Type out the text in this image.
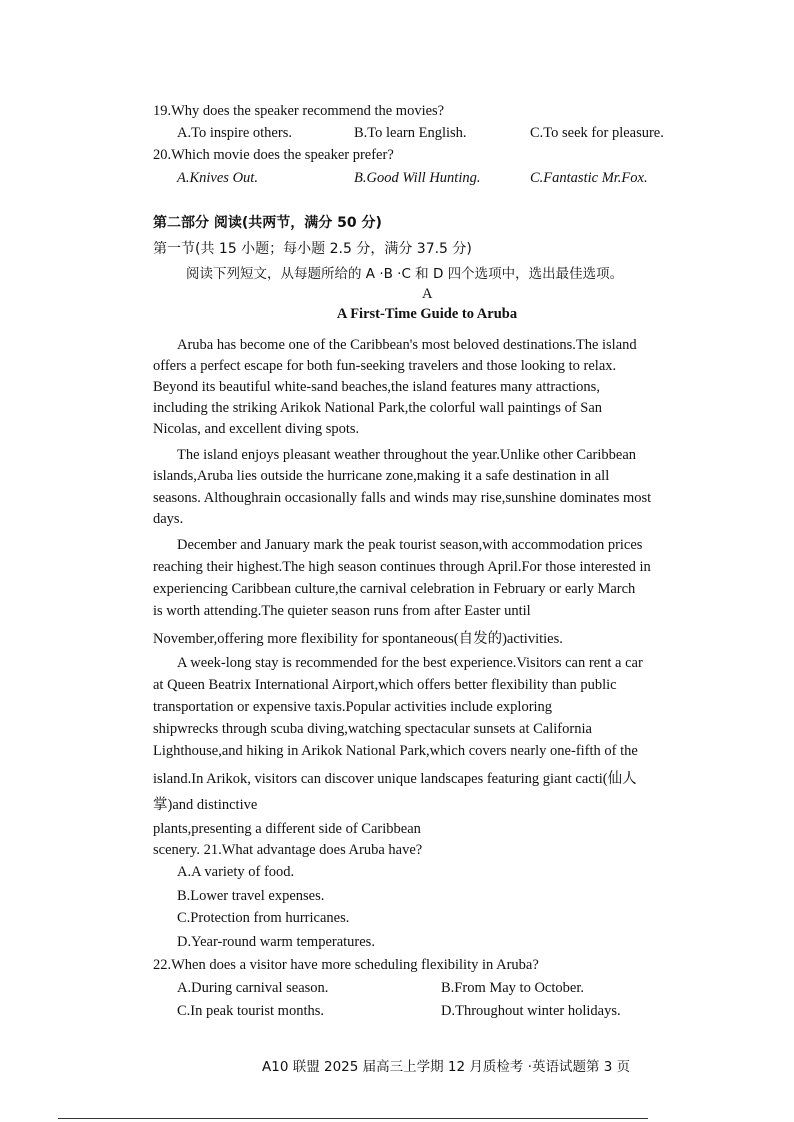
19.Why does the speaker recommend the movies?
A.To inspire others.	B.To learn English.	C.To seek for pleasure.
20.Which movie does the speaker prefer?
A.Knives Out.	B.Good Will Hunting.	C.Fantastic Mr.Fox.
第二部分 阅读(共两节，满分 50 分)
第一节(共 15 小题；每小题 2.5 分，满分 37.5 分)
阅读下列短文，从每题所给的 A ·B ·C 和 D 四个选项中，选出最佳选项。
A
A First-Time Guide to Aruba
Aruba has become one of the Caribbean's most beloved destinations.The island
offers a perfect escape for both fun-seeking travelers and those looking to relax.
Beyond its beautiful white-sand beaches,the island features many attractions,
including the striking Arikok National Park,the colorful wall paintings of San
Nicolas, and excellent diving spots.
The island enjoys pleasant weather throughout the year.Unlike other Caribbean
islands,Aruba lies outside the hurricane zone,making it a safe destination in all
seasons. Althoughrain occasionally falls and winds may rise,sunshine dominates most
days.
December and January mark the peak tourist season,with accommodation prices
reaching their highest.The high season continues through April.For those interested in
experiencing Caribbean culture,the carnival celebration in February or early March
is worth attending.The quieter season runs from after Easter until
November,offering more flexibility for spontaneous(自发的)activities.
A week-long stay is recommended for the best experience.Visitors can rent a car
at Queen Beatrix International Airport,which offers better flexibility than public
transportation or expensive taxis.Popular activities include exploring
shipwrecks through scuba diving,watching spectacular sunsets at California
Lighthouse,and hiking in Arikok National Park,which covers nearly one-fifth of the
island.In Arikok, visitors can discover unique landscapes featuring giant cacti(仙人
掌)and distinctive
plants,presenting a different side of Caribbean
scenery. 21.What advantage does Aruba have?
A.A variety of food.
B.Lower travel expenses.
C.Protection from hurricanes.
D.Year-round warm temperatures.
22.When does a visitor have more scheduling flexibility in Aruba?
A.During carnival season.	B.From May to October.
C.In peak tourist months.	D.Throughout winter holidays.
A10 联盟 2025 届高三上学期 12 月质检考 ·英语试题第 3 页
